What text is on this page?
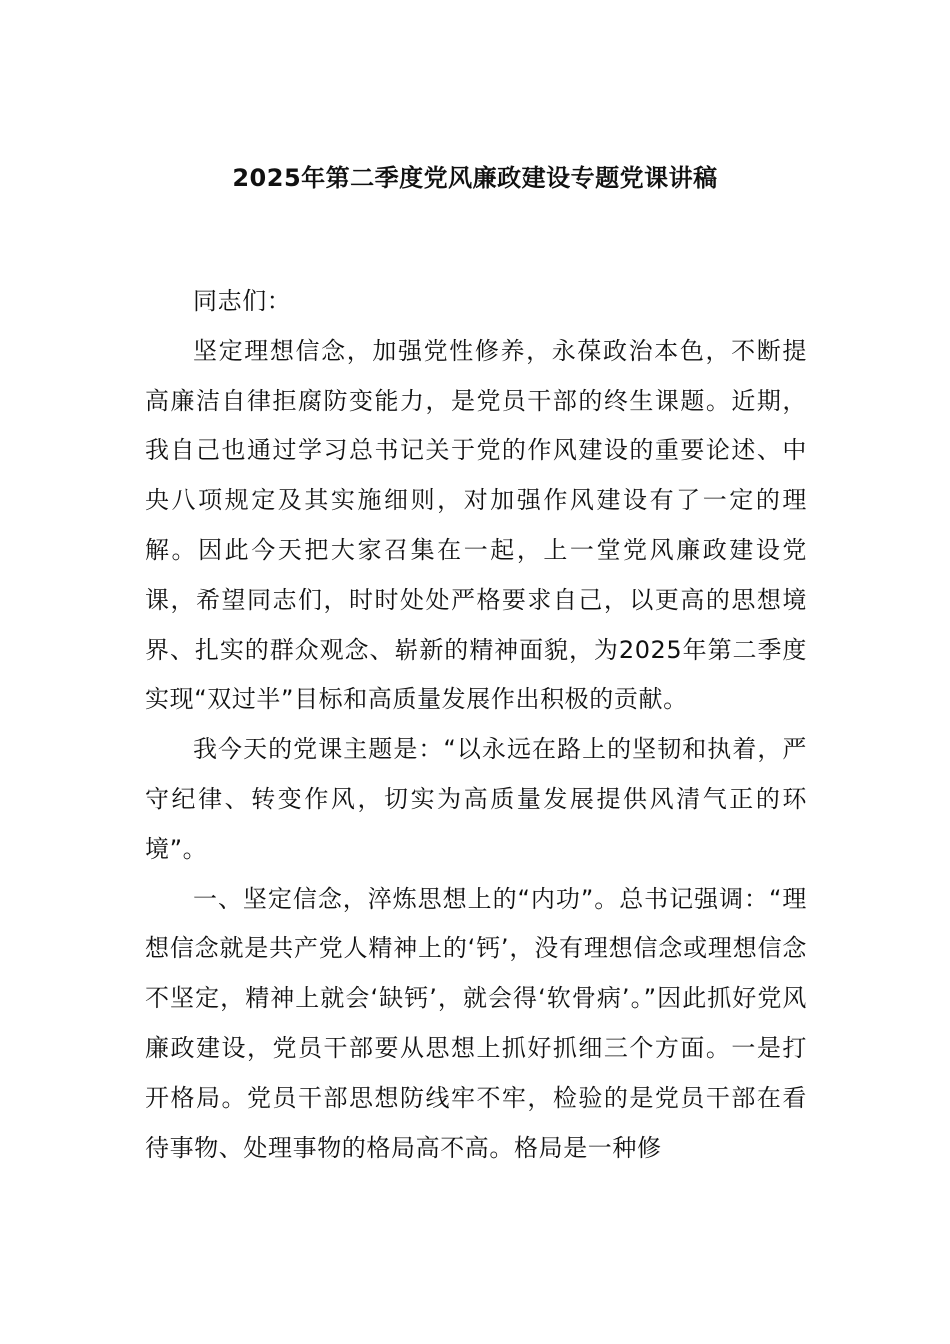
2025年第二季度党风廉政建设专题党课讲稿

同志们：

坚定理想信念，加强党性修养，永葆政治本色，不断提高廉洁自律拒腐防变能力，是党员干部的终生课题。近期，我自己也通过学习总书记关于党的作风建设的重要论述、中央八项规定及其实施细则，对加强作风建设有了一定的理解。因此今天把大家召集在一起，上一堂党风廉政建设党课，希望同志们，时时处处严格要求自己，以更高的思想境界、扎实的群众观念、崭新的精神面貌，为2025年第二季度实现“双过半”目标和高质量发展作出积极的贡献。

我今天的党课主题是：“以永远在路上的坚韧和执着，严守纪律、转变作风，切实为高质量发展提供风清气正的环境”。

一、坚定信念，淬炼思想上的“内功”。总书记强调：“理想信念就是共产党人精神上的‘钙’，没有理想信念或理想信念不坚定，精神上就会‘缺钙’，就会得‘软骨病’。”因此抓好党风廉政建设，党员干部要从思想上抓好抓细三个方面。一是打开格局。党员干部思想防线牢不牢，检验的是党员干部在看待事物、处理事物的格局高不高。格局是一种修
